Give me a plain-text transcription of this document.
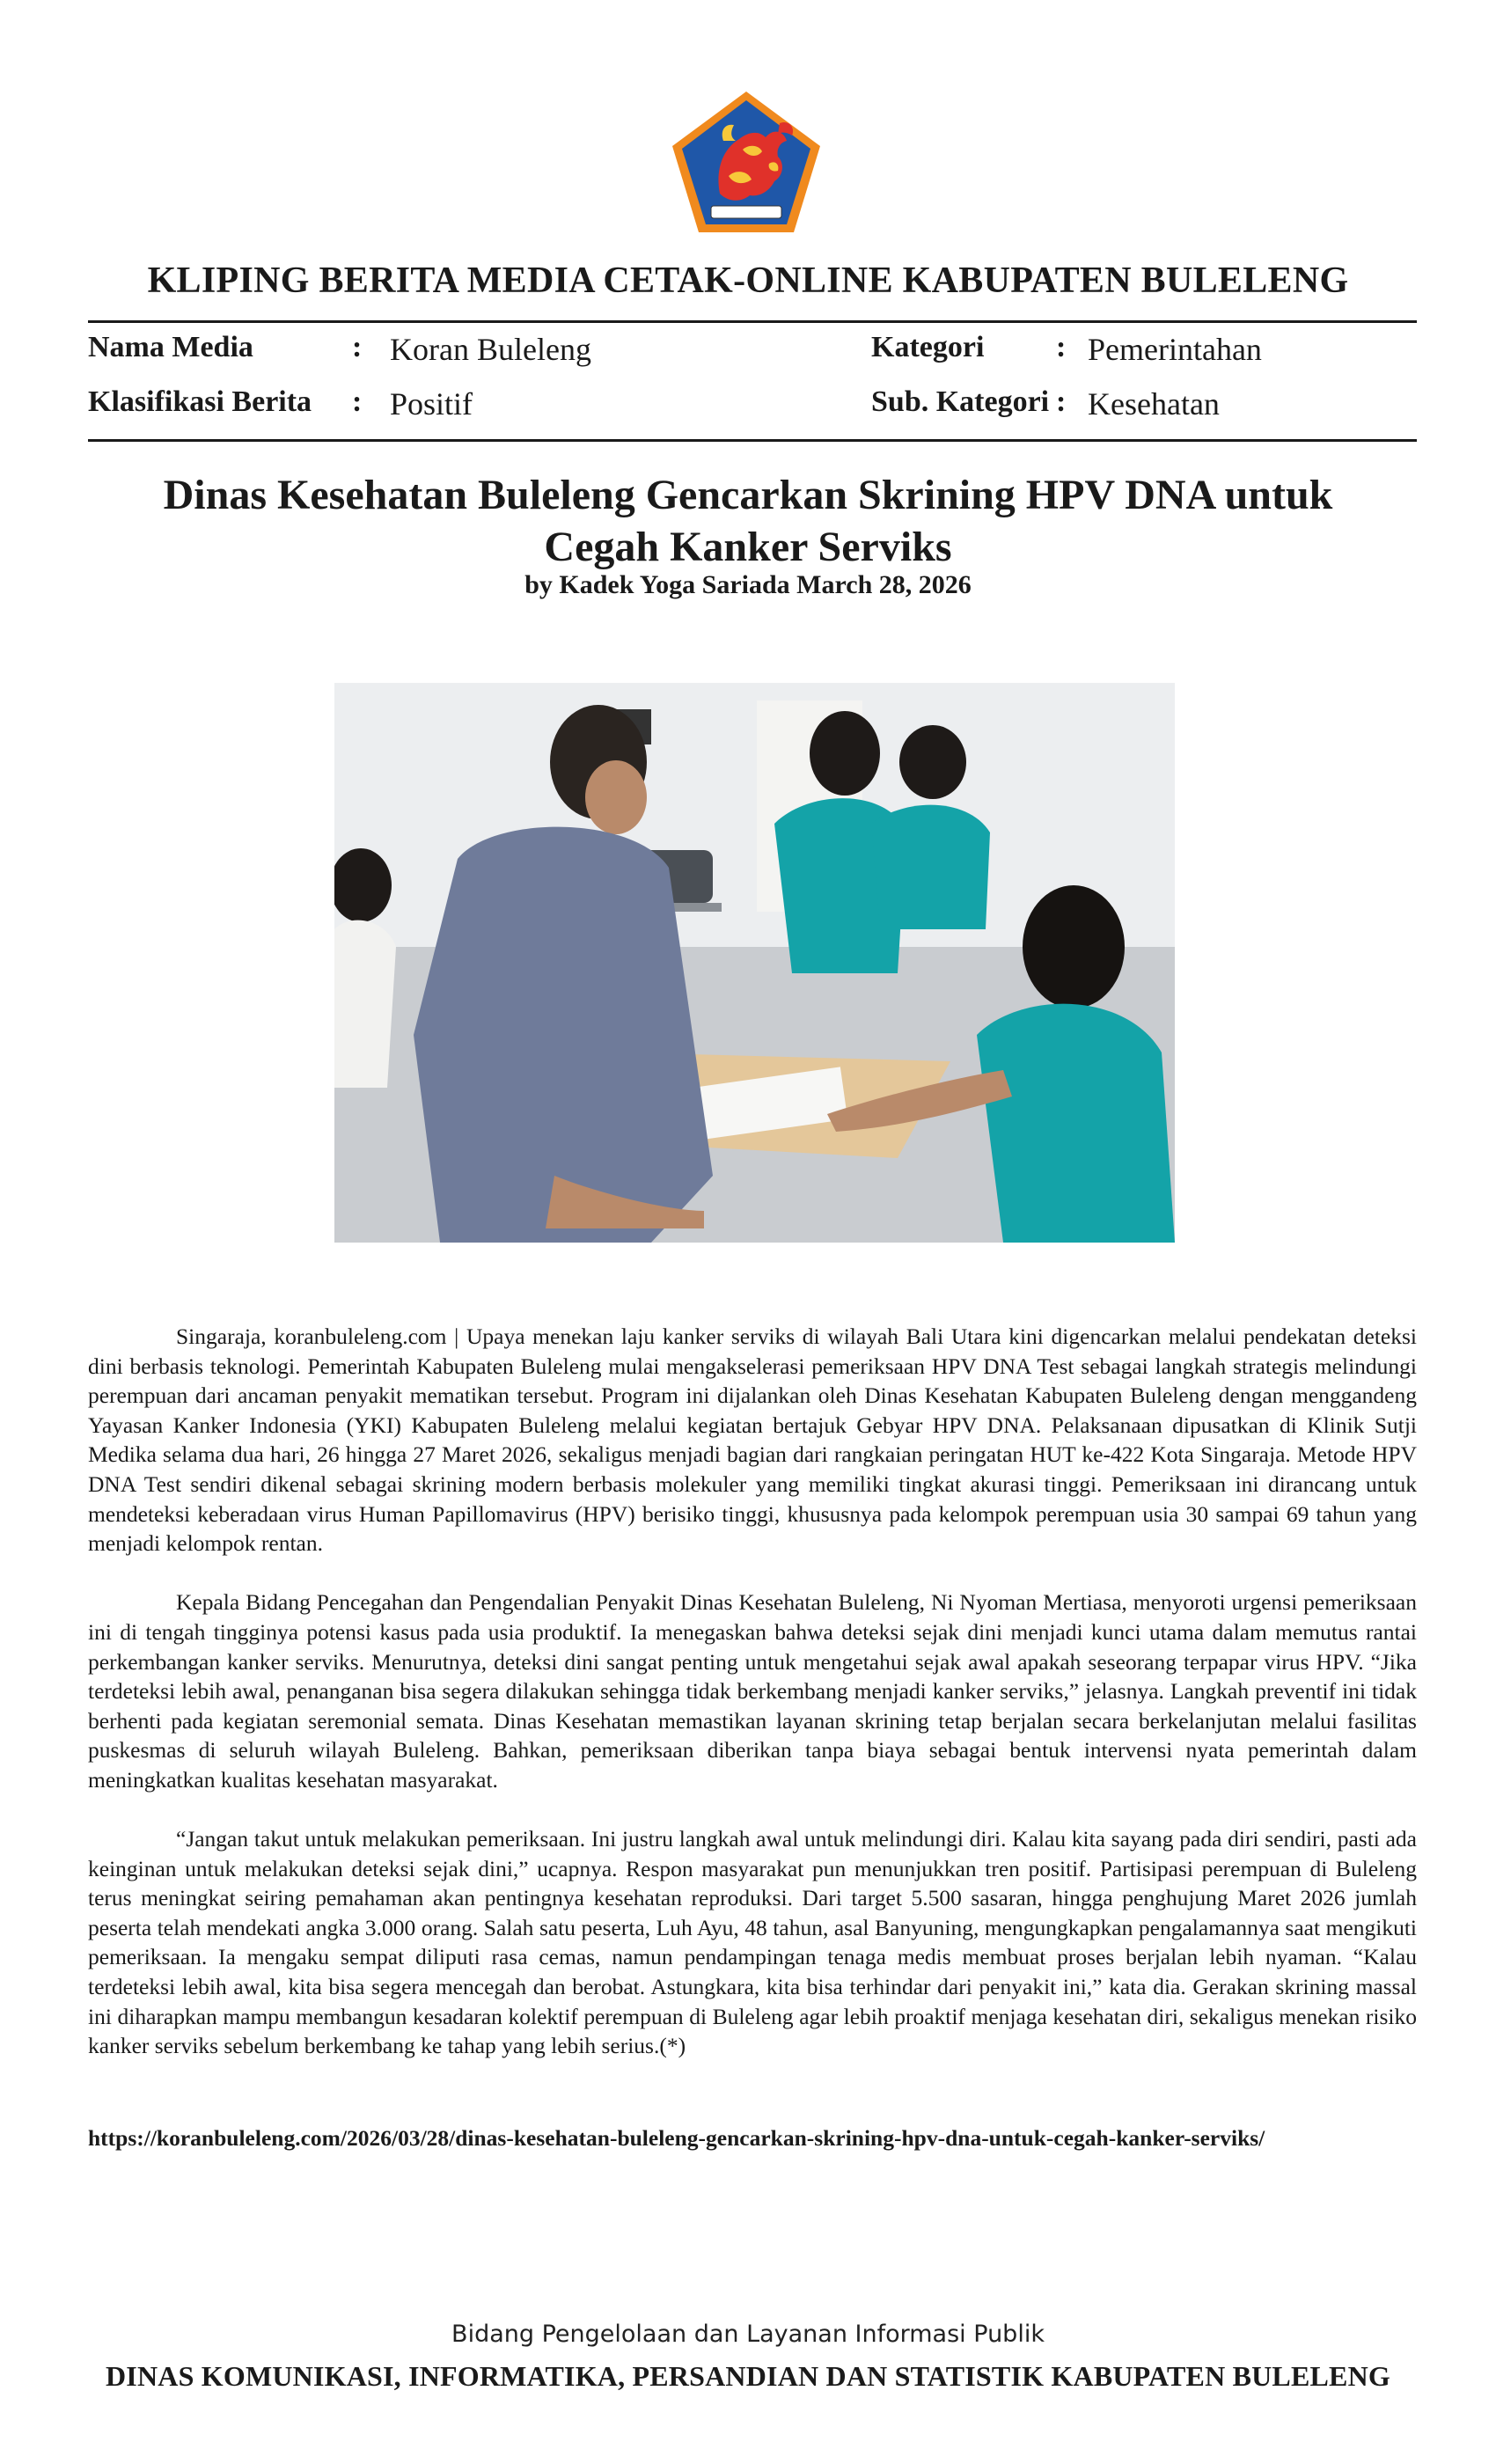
KLIPING BERITA MEDIA CETAK-ONLINE KABUPATEN BULELENG
Nama Media	: Koran Buleleng
Klasifikasi Berita : Positif
Kategori : Pemerintahan
Sub. Kategori : Kesehatan
Dinas Kesehatan Buleleng Gencarkan Skrining HPV DNA untuk Cegah Kanker Serviks
by Kadek Yoga Sariada March 28, 2026

Singaraja, koranbuleleng.com | Upaya menekan laju kanker serviks di wilayah Bali Utara kini digencarkan melalui pendekatan deteksi dini berbasis teknologi. Pemerintah Kabupaten Buleleng mulai mengakselerasi pemeriksaan HPV DNA Test sebagai langkah strategis melindungi perempuan dari ancaman penyakit mematikan tersebut. Program ini dijalankan oleh Dinas Kesehatan Kabupaten Buleleng dengan menggandeng Yayasan Kanker Indonesia (YKI) Kabupaten Buleleng melalui kegiatan bertajuk Gebyar HPV DNA. Pelaksanaan dipusatkan di Klinik Sutji Medika selama dua hari, 26 hingga 27 Maret 2026, sekaligus menjadi bagian dari rangkaian peringatan HUT ke-422 Kota Singaraja. Metode HPV DNA Test sendiri dikenal sebagai skrining modern berbasis molekuler yang memiliki tingkat akurasi tinggi. Pemeriksaan ini dirancang untuk mendeteksi keberadaan virus Human Papillomavirus (HPV) berisiko tinggi, khususnya pada kelompok perempuan usia 30 sampai 69 tahun yang menjadi kelompok rentan.

Kepala Bidang Pencegahan dan Pengendalian Penyakit Dinas Kesehatan Buleleng, Ni Nyoman Mertiasa, menyoroti urgensi pemeriksaan ini di tengah tingginya potensi kasus pada usia produktif. Ia menegaskan bahwa deteksi sejak dini menjadi kunci utama dalam memutus rantai perkembangan kanker serviks. Menurutnya, deteksi dini sangat penting untuk mengetahui sejak awal apakah seseorang terpapar virus HPV. “Jika terdeteksi lebih awal, penanganan bisa segera dilakukan sehingga tidak berkembang menjadi kanker serviks,” jelasnya. Langkah preventif ini tidak berhenti pada kegiatan seremonial semata. Dinas Kesehatan memastikan layanan skrining tetap berjalan secara berkelanjutan melalui fasilitas puskesmas di seluruh wilayah Buleleng. Bahkan, pemeriksaan diberikan tanpa biaya sebagai bentuk intervensi nyata pemerintah dalam meningkatkan kualitas kesehatan masyarakat.

“Jangan takut untuk melakukan pemeriksaan. Ini justru langkah awal untuk melindungi diri. Kalau kita sayang pada diri sendiri, pasti ada keinginan untuk melakukan deteksi sejak dini,” ucapnya. Respon masyarakat pun menunjukkan tren positif. Partisipasi perempuan di Buleleng terus meningkat seiring pemahaman akan pentingnya kesehatan reproduksi. Dari target 5.500 sasaran, hingga penghujung Maret 2026 jumlah peserta telah mendekati angka 3.000 orang. Salah satu peserta, Luh Ayu, 48 tahun, asal Banyuning, mengungkapkan pengalamannya saat mengikuti pemeriksaan. Ia mengaku sempat diliputi rasa cemas, namun pendampingan tenaga medis membuat proses berjalan lebih nyaman. “Kalau terdeteksi lebih awal, kita bisa segera mencegah dan berobat. Astungkara, kita bisa terhindar dari penyakit ini,” kata dia. Gerakan skrining massal ini diharapkan mampu membangun kesadaran kolektif perempuan di Buleleng agar lebih proaktif menjaga kesehatan diri, sekaligus menekan risiko kanker serviks sebelum berkembang ke tahap yang lebih serius.(*)

https://koranbuleleng.com/2026/03/28/dinas-kesehatan-buleleng-gencarkan-skrining-hpv-dna-untuk-cegah-kanker-serviks/
Bidang Pengelolaan dan Layanan Informasi Publik
DINAS KOMUNIKASI, INFORMATIKA, PERSANDIAN DAN STATISTIK KABUPATEN BULELENG
